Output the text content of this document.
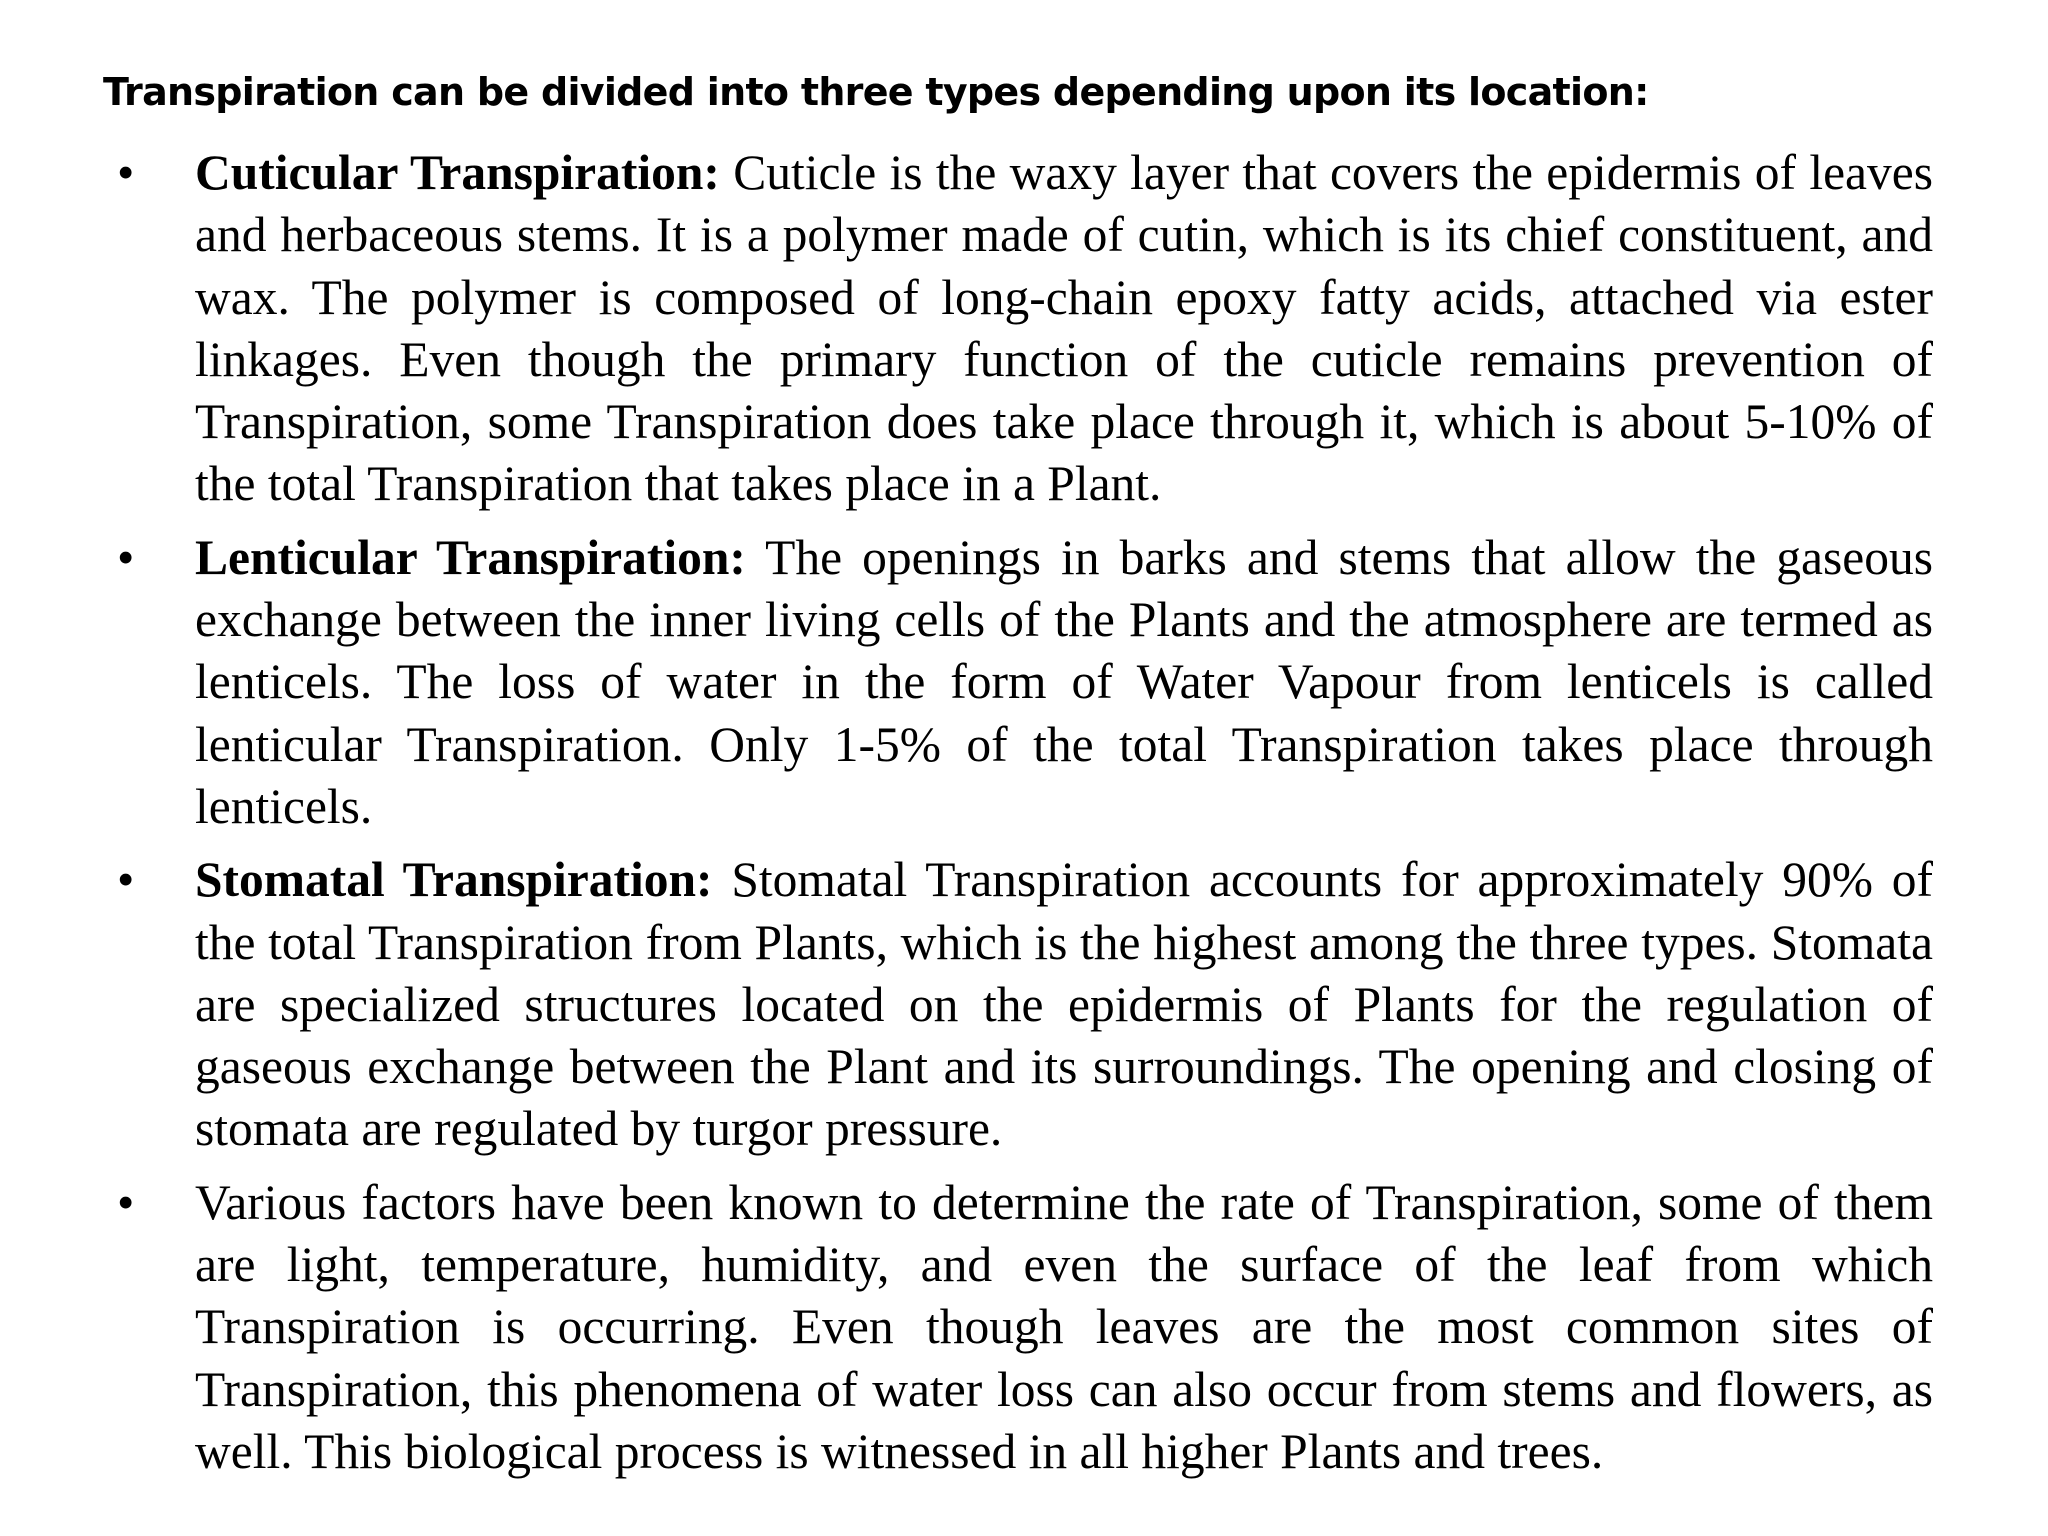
Transpiration can be divided into three types depending upon its location:
• Cuticular Transpiration: Cuticle is the waxy layer that covers the epidermis of leaves and herbaceous stems. It is a polymer made of cutin, which is its chief constituent, and wax. The polymer is composed of long-chain epoxy fatty acids, attached via ester linkages. Even though the primary function of the cuticle remains prevention of Transpiration, some Transpiration does take place through it, which is about 5-10% of the total Transpiration that takes place in a Plant.
• Lenticular Transpiration: The openings in barks and stems that allow the gaseous exchange between the inner living cells of the Plants and the atmosphere are termed as lenticels. The loss of water in the form of Water Vapour from lenticels is called lenticular Transpiration. Only 1-5% of the total Transpiration takes place through lenticels.
• Stomatal Transpiration: Stomatal Transpiration accounts for approximately 90% of the total Transpiration from Plants, which is the highest among the three types. Stomata are specialized structures located on the epidermis of Plants for the regulation of gaseous exchange between the Plant and its surroundings. The opening and closing of stomata are regulated by turgor pressure.
• Various factors have been known to determine the rate of Transpiration, some of them are light, temperature, humidity, and even the surface of the leaf from which Transpiration is occurring. Even though leaves are the most common sites of Transpiration, this phenomena of water loss can also occur from stems and flowers, as well. This biological process is witnessed in all higher Plants and trees.
